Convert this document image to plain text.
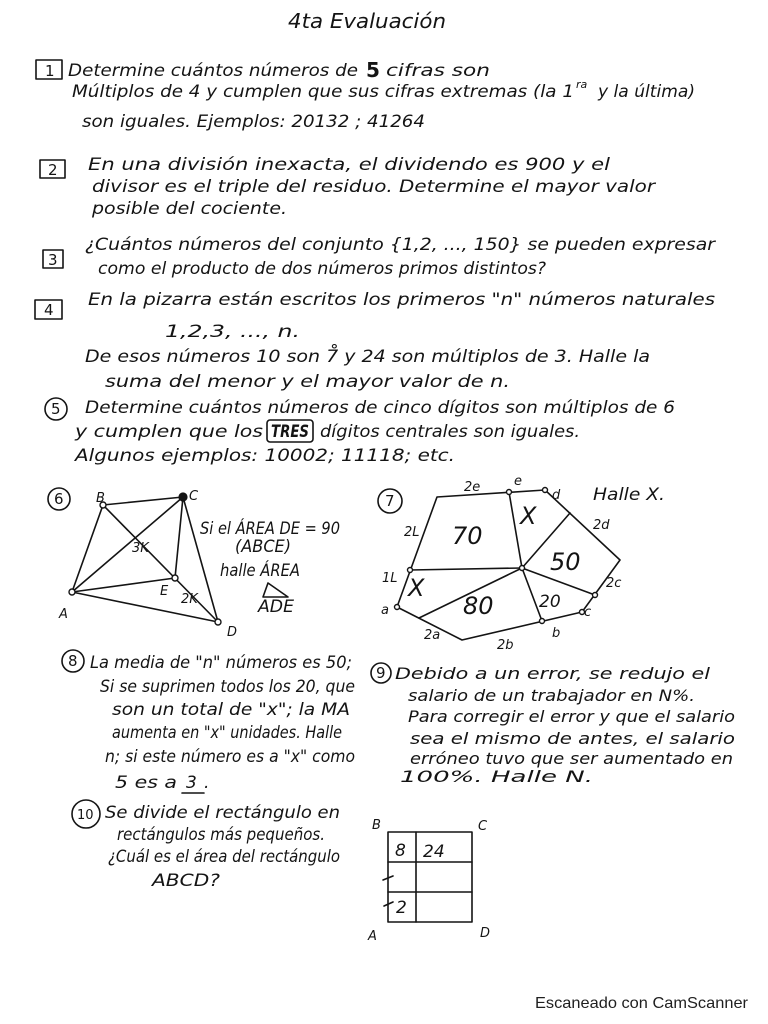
4ta Evaluación
1 Determine cuántos números de 5 cifras son
Múltiplos de 4 y cumplen que sus cifras extremas (la 1 ra y la última)
son iguales. Ejemplos: 20132 ; 41264
2 En una división inexacta, el dividendo es 900 y el
divisor es el triple del residuo. Determine el mayor valor
posible del cociente.
3
¿Cuántos números del conjunto {1,2, ..., 150} se pueden expresar
como el producto de dos números primos distintos?
4 En la pizarra están escritos los primeros "n" números naturales
1,2,3, ..., n.
De esos números 10 son 7̊ y 24 son múltiplos de 3. Halle la
suma del menor y el mayor valor de n.
5 Determine cuántos números de cinco dígitos son múltiplos de 6
y cumplen que los TRES dígitos centrales son iguales.
Algunos ejemplos: 10002; 11118; etc.
6 B	C
A
D
E
3K
2K
Si el ÁREA DE = 90
(ABCE)
halle ÁREA
ADE
7
70
X
50
20
80
X
2e	e
d
2d
2c
c
b
2b
2a
a
1L
2L
Halle X.
8 La media de "n" números es 50;
Si se suprimen todos los 20, que
son un total de "x"; la MA
aumenta en "x" unidades. Halle
n; si este número es a "x" como
5 es a 3 .
9 Debido a un error, se redujo el
salario de un trabajador en N%.
Para corregir el error y que el salario
sea el mismo de antes, el salario
erróneo tuvo que ser aumentado en
100%. Halle N.
10 Se divide el rectángulo en
rectángulos más pequeños.
¿Cuál es el área del rectángulo
ABCD?
8 24
2
B	C
A	D
Escaneado con CamScanner
